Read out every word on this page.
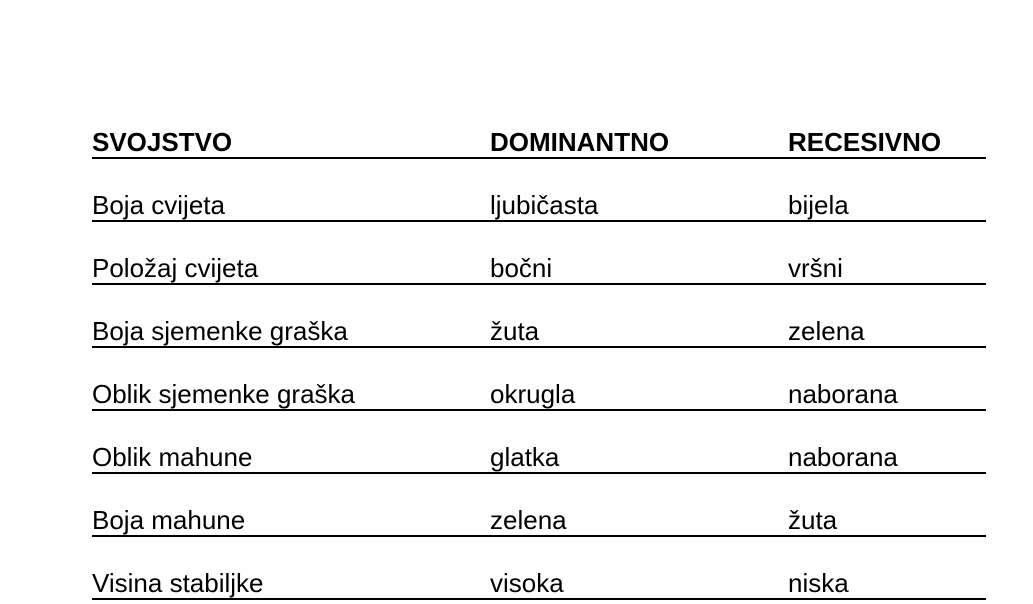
SVOJSTVO	DOMINANTNO	RECESIVNO
Boja cvijeta	ljubičasta	bijela
Položaj cvijeta	bočni	vršni
Boja sjemenke graška	žuta	zelena
Oblik sjemenke graška	okrugla	naborana
Oblik mahune	glatka	naborana
Boja mahune	zelena	žuta
Visina stabiljke	visoka	niska
